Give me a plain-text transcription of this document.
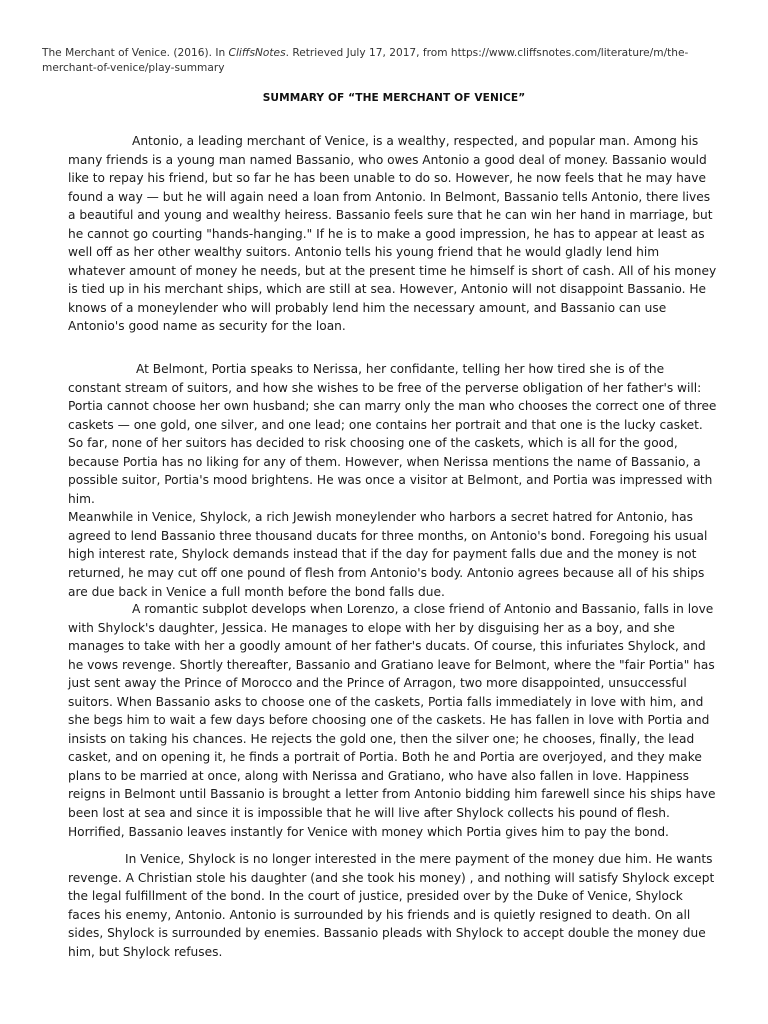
The Merchant of Venice. (2016). In CliffsNotes. Retrieved July 17, 2017, from https://www.cliffsnotes.com/literature/m/the-merchant-of-venice/play-summary
SUMMARY OF “THE MERCHANT OF VENICE”

Antonio, a leading merchant of Venice, is a wealthy, respected, and popular man. Among his many friends is a young man named Bassanio, who owes Antonio a good deal of money. Bassanio would like to repay his friend, but so far he has been unable to do so. However, he now feels that he may have found a way — but he will again need a loan from Antonio. In Belmont, Bassanio tells Antonio, there lives a beautiful and young and wealthy heiress. Bassanio feels sure that he can win her hand in marriage, but he cannot go courting "hands-hanging." If he is to make a good impression, he has to appear at least as well off as her other wealthy suitors. Antonio tells his young friend that he would gladly lend him whatever amount of money he needs, but at the present time he himself is short of cash. All of his money is tied up in his merchant ships, which are still at sea. However, Antonio will not disappoint Bassanio. He knows of a moneylender who will probably lend him the necessary amount, and Bassanio can use Antonio's good name as security for the loan.

At Belmont, Portia speaks to Nerissa, her confidante, telling her how tired she is of the constant stream of suitors, and how she wishes to be free of the perverse obligation of her father's will: Portia cannot choose her own husband; she can marry only the man who chooses the correct one of three caskets — one gold, one silver, and one lead; one contains her portrait and that one is the lucky casket. So far, none of her suitors has decided to risk choosing one of the caskets, which is all for the good, because Portia has no liking for any of them. However, when Nerissa mentions the name of Bassanio, a possible suitor, Portia's mood brightens. He was once a visitor at Belmont, and Portia was impressed with him.
Meanwhile in Venice, Shylock, a rich Jewish moneylender who harbors a secret hatred for Antonio, has agreed to lend Bassanio three thousand ducats for three months, on Antonio's bond. Foregoing his usual high interest rate, Shylock demands instead that if the day for payment falls due and the money is not returned, he may cut off one pound of flesh from Antonio's body. Antonio agrees because all of his ships are due back in Venice a full month before the bond falls due.

A romantic subplot develops when Lorenzo, a close friend of Antonio and Bassanio, falls in love with Shylock's daughter, Jessica. He manages to elope with her by disguising her as a boy, and she manages to take with her a goodly amount of her father's ducats. Of course, this infuriates Shylock, and he vows revenge. Shortly thereafter, Bassanio and Gratiano leave for Belmont, where the "fair Portia" has just sent away the Prince of Morocco and the Prince of Arragon, two more disappointed, unsuccessful suitors. When Bassanio asks to choose one of the caskets, Portia falls immediately in love with him, and she begs him to wait a few days before choosing one of the caskets. He has fallen in love with Portia and insists on taking his chances. He rejects the gold one, then the silver one; he chooses, finally, the lead casket, and on opening it, he finds a portrait of Portia. Both he and Portia are overjoyed, and they make plans to be married at once, along with Nerissa and Gratiano, who have also fallen in love. Happiness reigns in Belmont until Bassanio is brought a letter from Antonio bidding him farewell since his ships have been lost at sea and since it is impossible that he will live after Shylock collects his pound of flesh. Horrified, Bassanio leaves instantly for Venice with money which Portia gives him to pay the bond.

In Venice, Shylock is no longer interested in the mere payment of the money due him. He wants revenge. A Christian stole his daughter (and she took his money) , and nothing will satisfy Shylock except the legal fulfillment of the bond. In the court of justice, presided over by the Duke of Venice, Shylock faces his enemy, Antonio. Antonio is surrounded by his friends and is quietly resigned to death. On all sides, Shylock is surrounded by enemies. Bassanio pleads with Shylock to accept double the money due him, but Shylock refuses.
